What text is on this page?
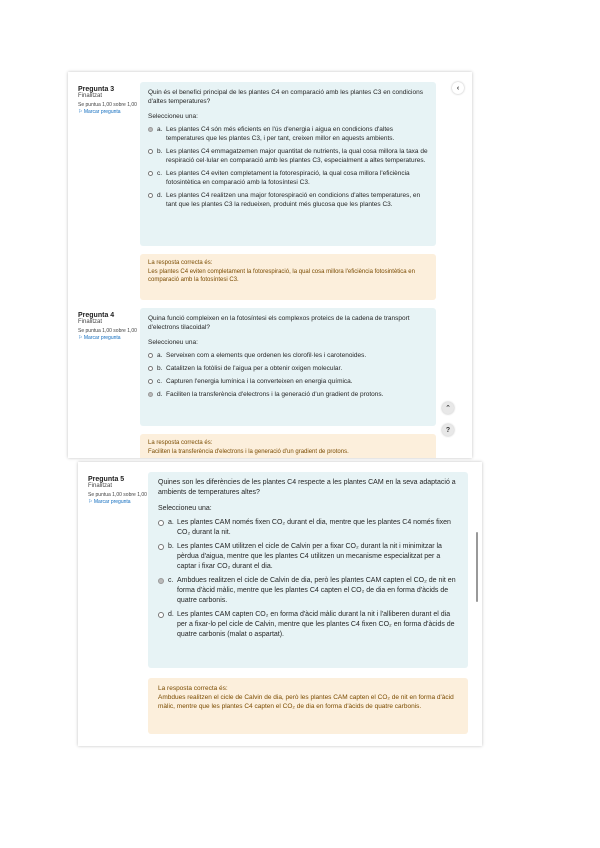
Pregunta 3
Finalitzat
Se puntua 1,00 sobre 1,00
⚐ Marcar pregunta
Quin és el benefici principal de les plantes C4 en comparació amb les plantes C3 en condicions d'altes temperatures?
Seleccioneu una:
a. Les plantes C4 són més eficients en l'ús d'energia i aigua en condicions d'altes temperatures que les plantes C3, i per tant, creixen millor en aquests ambients.
b. Les plantes C4 emmagatzemen major quantitat de nutrients, la qual cosa millora la taxa de respiració cel·lular en comparació amb les plantes C3, especialment a altes temperatures.
c. Les plantes C4 eviten completament la fotorespiració, la qual cosa millora l'eficiència fotosintètica en comparació amb la fotosíntesi C3.
d. Les plantes C4 realitzen una major fotorespiració en condicions d'altes temperatures, en tant que les plantes C3 la redueixen, produint més glucosa que les plantes C3.
La resposta correcta és:
Les plantes C4 eviten completament la fotorespiració, la qual cosa millora l'eficiència fotosintètica en comparació amb la fotosíntesi C3.
Pregunta 4
Finalitzat
Se puntua 1,00 sobre 1,00
⚐ Marcar pregunta
Quina funció compleixen en la fotosíntesi els complexos proteics de la cadena de transport d'electrons tilacoidal?
Seleccioneu una:
a. Serveixen com a elements que ordenen les clorofil·les i carotenoides.
b. Catalitzen la fotòlisi de l'aigua per a obtenir oxigen molecular.
c. Capturen l'energia lumínica i la converteixen en energia química.
d. Faciliten la transferència d'electrons i la generació d'un gradient de protons.
La resposta correcta és:
Faciliten la transferència d'electrons i la generació d'un gradient de protons.
‹
⌃
?
Pregunta 5
Finalitzat
Se puntua 1,00 sobre 1,00
⚐ Marcar pregunta
Quines son les diferències de les plantes C4 respecte a les plantes CAM en la seva adaptació a ambients de temperatures altes?
Seleccioneu una:
a. Les plantes CAM només fixen CO₂ durant el dia, mentre que les plantes C4 només fixen CO₂ durant la nit.
b. Les plantes CAM utilitzen el cicle de Calvin per a fixar CO₂ durant la nit i minimitzar la pèrdua d'aigua, mentre que les plantes C4 utilitzen un mecanisme especialitzat per a captar i fixar CO₂ durant el dia.
c. Ambdues realitzen el cicle de Calvin de dia, però les plantes CAM capten el CO₂ de nit en forma d'àcid màlic, mentre que les plantes C4 capten el CO₂ de dia en forma d'àcids de quatre carbonis.
d. Les plantes CAM capten CO₂ en forma d'àcid màlic durant la nit i l'alliberen durant el dia per a fixar-lo pel cicle de Calvin, mentre que les plantes C4 fixen CO₂ en forma d'àcids de quatre carbonis (malat o aspartat).
La resposta correcta és:
Ambdues realitzen el cicle de Calvin de dia, però les plantes CAM capten el CO₂ de nit en forma d'àcid màlic, mentre que les plantes C4 capten el CO₂ de dia en forma d'àcids de quatre carbonis.
